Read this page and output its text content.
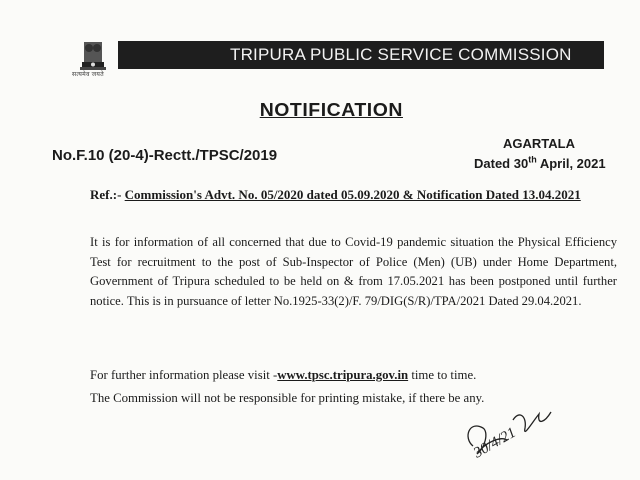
सत्यमेव जयते
TRIPURA PUBLIC SERVICE COMMISSION
NOTIFICATION
No.F.10 (20-4)-Rectt./TPSC/2019
AGARTALA
Dated 30th April, 2021
Ref.:- Commission's Advt. No. 05/2020 dated 05.09.2020 & Notification Dated 13.04.2021
It is for information of all concerned that due to Covid-19 pandemic situation the Physical Efficiency Test for recruitment to the post of Sub-Inspector of Police (Men) (UB) under Home Department, Government of Tripura scheduled to be held on & from 17.05.2021 has been postponed until further notice. This is in pursuance of letter No.1925-33(2)/F. 79/DIG(S/R)/TPA/2021 Dated 29.04.2021.
For further information please visit -www.tpsc.tripura.gov.in time to time.
The Commission will not be responsible for printing mistake, if there be any.
30/4/21
